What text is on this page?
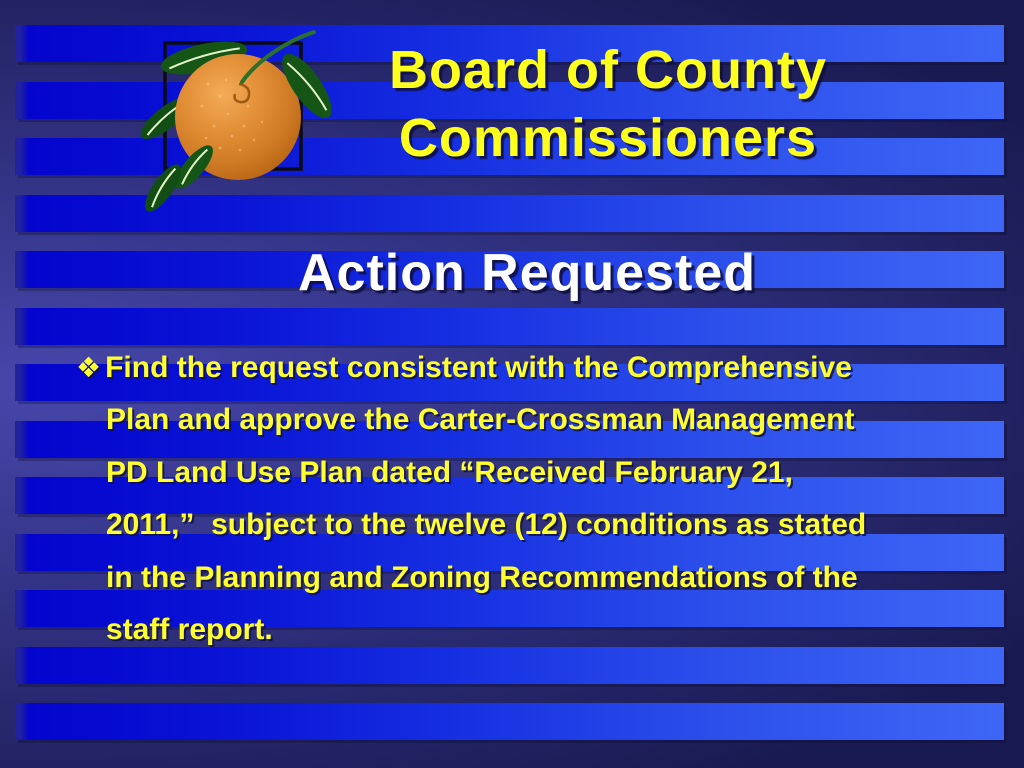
Board of County
Commissioners
Action Requested
❖ Find the request consistent with the Comprehensive
Plan and approve the Carter-Crossman Management
PD Land Use Plan dated “Received February 21,
2011,”  subject to the twelve (12) conditions as stated
in the Planning and Zoning Recommendations of the
staff report.
